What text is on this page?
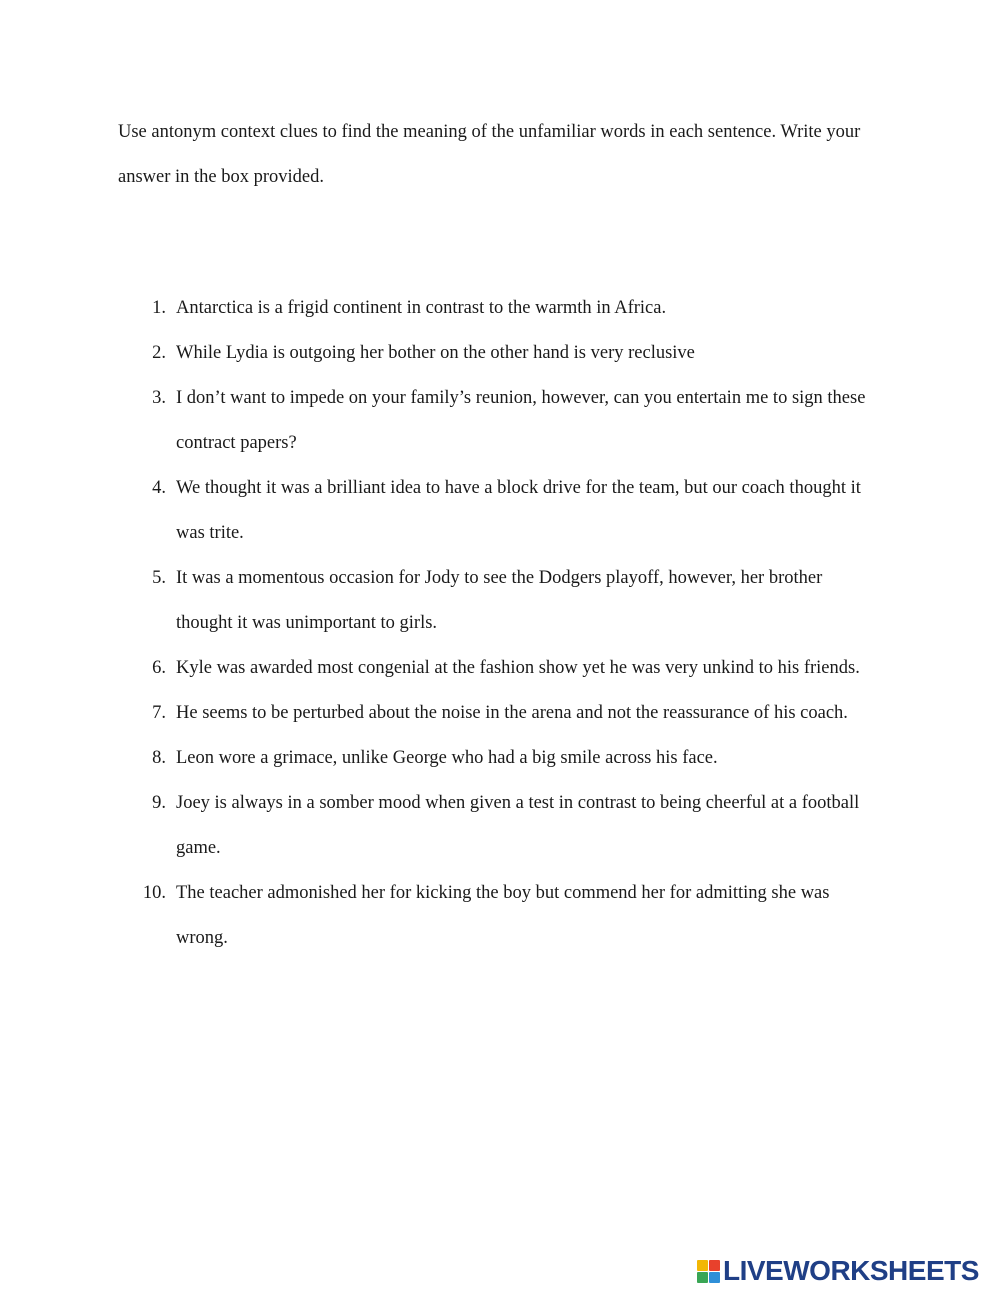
Use antonym context clues to find the meaning of the unfamiliar words in each sentence. Write your answer in the box provided.

1. Antarctica is a frigid continent in contrast to the warmth in Africa.
2. While Lydia is outgoing her bother on the other hand is very reclusive
3. I don’t want to impede on your family’s reunion, however, can you entertain me to sign these contract papers?
4. We thought it was a brilliant idea to have a block drive for the team, but our coach thought it was trite.
5. It was a momentous occasion for Jody to see the Dodgers playoff, however, her brother thought it was unimportant to girls.
6. Kyle was awarded most congenial at the fashion show yet he was very unkind to his friends.
7. He seems to be perturbed about the noise in the arena and not the reassurance of his coach.
8. Leon wore a grimace, unlike George who had a big smile across his face.
9. Joey is always in a somber mood when given a test in contrast to being cheerful at a football game.
10. The teacher admonished her for kicking the boy but commend her for admitting she was wrong.
LIVEWORKSHEETS
